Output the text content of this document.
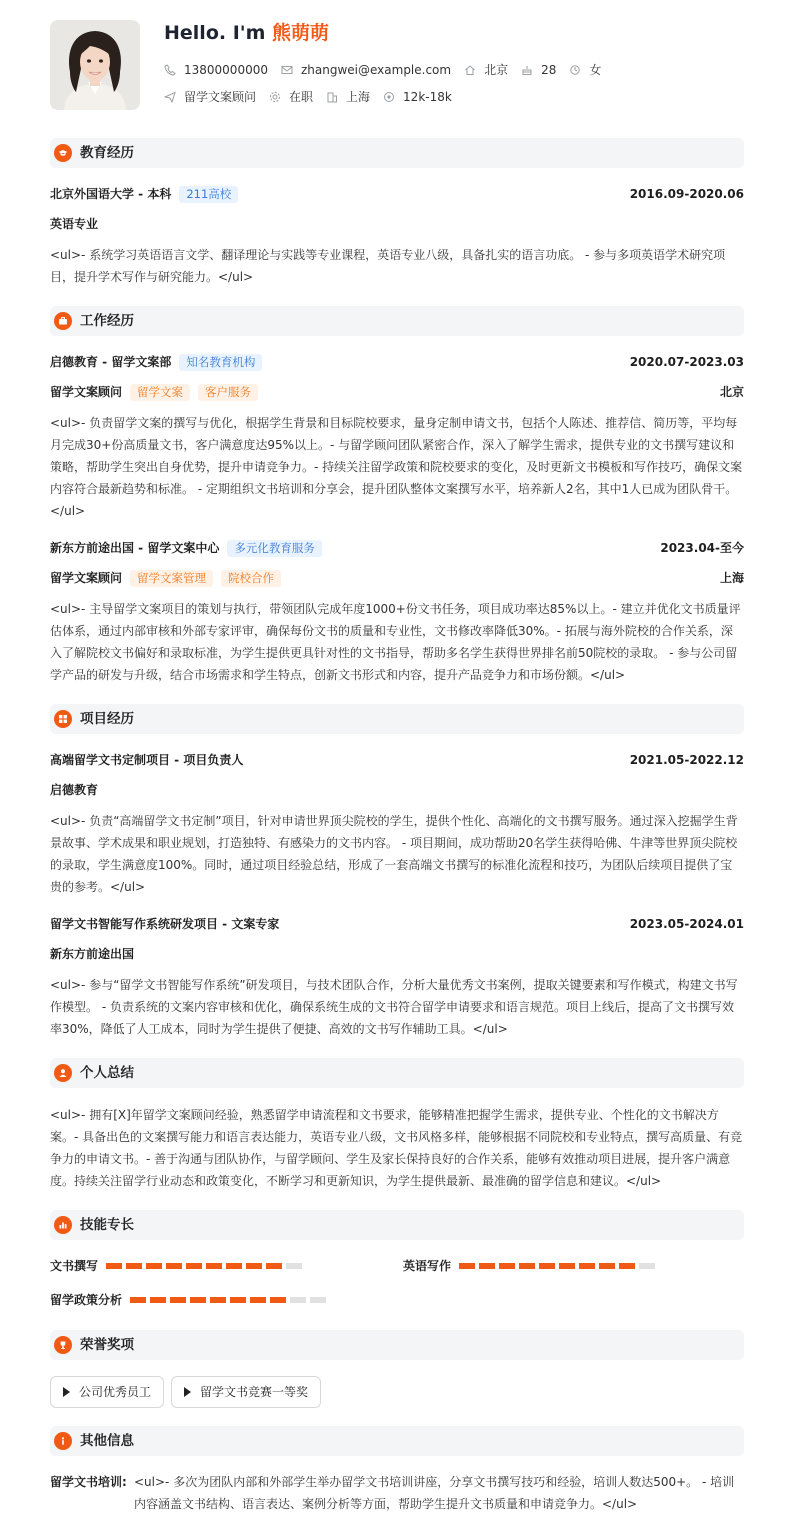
Hello. I'm 熊萌萌
13800000000	zhangwei@example.com	北京	28	女
留学文案顾问	在职	上海	12k-18k
教育经历
北京外国语大学 - 本科	211高校	2016.09-2020.06
英语专业
<ul>- 系统学习英语语言文学、翻译理论与实践等专业课程，英语专业八级，具备扎实的语言功底。 - 参与多项英语学术研究项目，提升学术写作与研究能力。</ul>
工作经历
启德教育 - 留学文案部	知名教育机构	2020.07-2023.03
留学文案顾问	留学文案	客户服务	北京
<ul>- 负责留学文案的撰写与优化，根据学生背景和目标院校要求，量身定制申请文书，包括个人陈述、推荐信、简历等，平均每月完成30+份高质量文书，客户满意度达95%以上。- 与留学顾问团队紧密合作，深入了解学生需求，提供专业的文书撰写建议和策略，帮助学生突出自身优势，提升申请竞争力。- 持续关注留学政策和院校要求的变化，及时更新文书模板和写作技巧，确保文案内容符合最新趋势和标准。 - 定期组织文书培训和分享会，提升团队整体文案撰写水平，培养新人2名，其中1人已成为团队骨干。</ul>
新东方前途出国 - 留学文案中心	多元化教育服务	2023.04-至今
留学文案顾问	留学文案管理	院校合作	上海
<ul>- 主导留学文案项目的策划与执行，带领团队完成年度1000+份文书任务，项目成功率达85%以上。- 建立并优化文书质量评估体系，通过内部审核和外部专家评审，确保每份文书的质量和专业性，文书修改率降低30%。- 拓展与海外院校的合作关系，深入了解院校文书偏好和录取标准，为学生提供更具针对性的文书指导，帮助多名学生获得世界排名前50院校的录取。 - 参与公司留学产品的研发与升级，结合市场需求和学生特点，创新文书形式和内容，提升产品竞争力和市场份额。</ul>
项目经历
高端留学文书定制项目 - 项目负责人	2021.05-2022.12
启德教育
<ul>- 负责“高端留学文书定制”项目，针对申请世界顶尖院校的学生，提供个性化、高端化的文书撰写服务。通过深入挖掘学生背景故事、学术成果和职业规划，打造独特、有感染力的文书内容。 - 项目期间，成功帮助20名学生获得哈佛、牛津等世界顶尖院校的录取，学生满意度100%。同时，通过项目经验总结，形成了一套高端文书撰写的标准化流程和技巧，为团队后续项目提供了宝贵的参考。</ul>
留学文书智能写作系统研发项目 - 文案专家	2023.05-2024.01
新东方前途出国
<ul>- 参与“留学文书智能写作系统”研发项目，与技术团队合作，分析大量优秀文书案例，提取关键要素和写作模式，构建文书写作模型。 - 负责系统的文案内容审核和优化，确保系统生成的文书符合留学申请要求和语言规范。项目上线后，提高了文书撰写效率30%，降低了人工成本，同时为学生提供了便捷、高效的文书写作辅助工具。</ul>
个人总结
<ul>- 拥有[X]年留学文案顾问经验，熟悉留学申请流程和文书要求，能够精准把握学生需求，提供专业、个性化的文书解决方案。- 具备出色的文案撰写能力和语言表达能力，英语专业八级，文书风格多样，能够根据不同院校和专业特点，撰写高质量、有竞争力的申请文书。- 善于沟通与团队协作，与留学顾问、学生及家长保持良好的合作关系，能够有效推动项目进展，提升客户满意度。持续关注留学行业动态和政策变化，不断学习和更新知识，为学生提供最新、最准确的留学信息和建议。</ul>
技能专长
文书撰写	英语写作
留学政策分析
荣誉奖项
公司优秀员工	留学文书竞赛一等奖
其他信息
留学文书培训: <ul>- 多次为团队内部和外部学生举办留学文书培训讲座，分享文书撰写技巧和经验，培训人数达500+。 - 培训内容涵盖文书结构、语言表达、案例分析等方面，帮助学生提升文书质量和申请竞争力。</ul>
